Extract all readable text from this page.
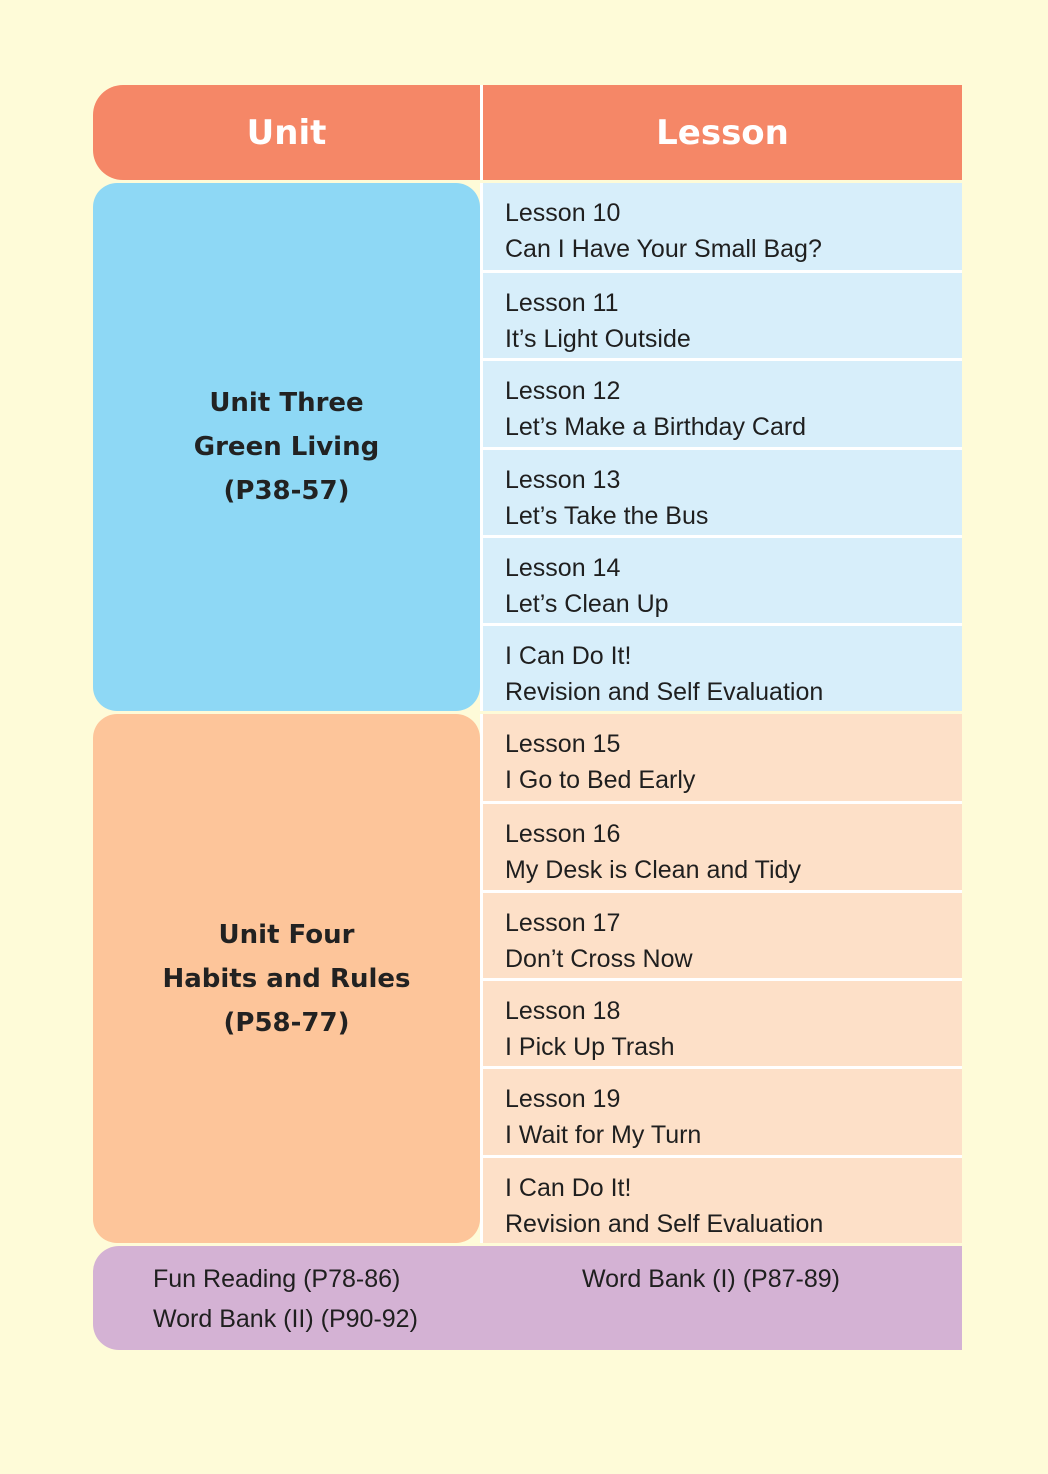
Unit	Lesson
Unit Three
Green Living
(P38-57)
Lesson 10
Can I Have Your Small Bag?
Lesson 11
It’s Light Outside
Lesson 12
Let’s Make a Birthday Card
Lesson 13
Let’s Take the Bus
Lesson 14
Let’s Clean Up
I Can Do It!
Revision and Self Evaluation
Unit Four
Habits and Rules
(P58-77)
Lesson 15
I Go to Bed Early
Lesson 16
My Desk is Clean and Tidy
Lesson 17
Don’t Cross Now
Lesson 18
I Pick Up Trash
Lesson 19
I Wait for My Turn
I Can Do It!
Revision and Self Evaluation
Fun Reading (P78-86)
Word Bank (II) (P90-92)
Word Bank (I) (P87-89)
